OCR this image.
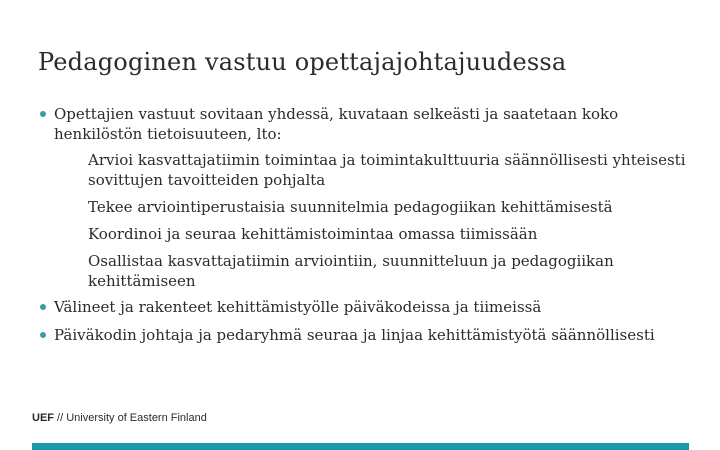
Pedagoginen vastuu opettajajohtajuudessa
Opettajien vastuut sovitaan yhdessä, kuvataan selkeästi ja saatetaan koko henkilöstön tietoisuuteen, lto:
Arvioi kasvattajatiimin toimintaa ja toimintakulttuuria säännöllisesti yhteisesti sovittujen tavoitteiden pohjalta
Tekee arviointiperustaisia suunnitelmia pedagogiikan kehittämisestä
Koordinoi ja seuraa kehittämistoimintaa omassa tiimissään
Osallistaa kasvattajatiimin arviointiin, suunnitteluun ja pedagogiikan kehittämiseen
Välineet ja rakenteet kehittämistyölle päiväkodeissa ja tiimeissä
Päiväkodin johtaja ja pedaryhmä seuraa ja linjaa kehittämistyötä säännöllisesti
UEF // University of Eastern Finland
